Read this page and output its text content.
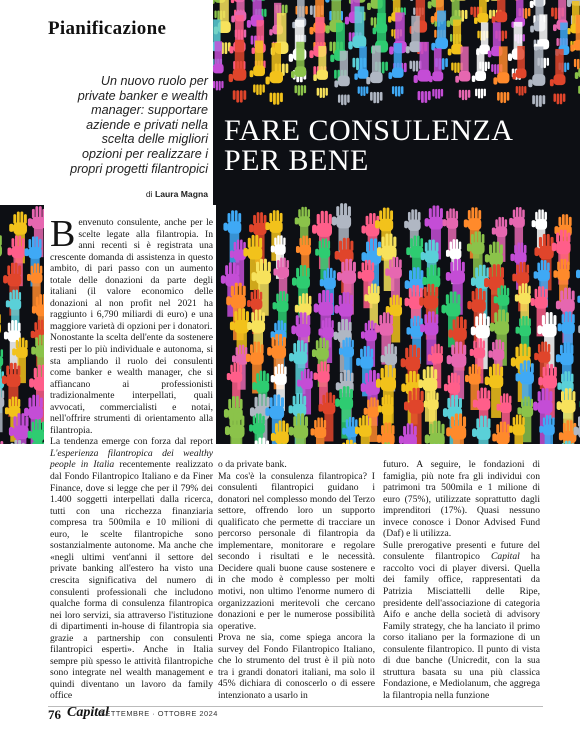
Pianificazione
Un nuovo ruolo per private banker e wealth manager: supportare aziende e privati nella scelta delle migliori opzioni per realizzare i propri progetti filantropici
di Laura Magna
FARE CONSULENZA
PER BENE

Benvenuto consulente, anche per le scelte legate alla filantropia. In anni recenti si è registrata una crescente domanda di assistenza in questo ambito, di pari passo con un aumento totale delle donazioni da parte degli italiani (il valore economico delle donazioni al non profit nel 2021 ha raggiunto i 6,790 miliardi di euro) e una maggiore varietà di opzioni per i donatori.

Nonostante la scelta dell'ente da sostenere resti per lo più individuale e autonoma, si sta ampliando il ruolo dei consulenti come banker e wealth manager, che si affiancano ai professionisti tradizionalmente interpellati, quali avvocati, commercialisti e notai, nell'offrire strumenti di orientamento alla filantropia.

La tendenza emerge con forza dal report L'esperienza filantropica dei wealthy people in Italia recentemente realizzato dal Fondo Filantropico Italiano e da Finer Finance, dove si legge che per il 79% dei 1.400 soggetti interpellati dalla ricerca, tutti con una ricchezza finanziaria compresa tra 500mila e 10 milioni di euro, le scelte filantropiche sono sostanzialmente autonome. Ma anche che «negli ultimi vent'anni il settore del private banking all'estero ha visto una crescita significativa del numero di consulenti professionali che includono qualche forma di consulenza filantropica nei loro servizi, sia attraverso l'istituzione di dipartimenti in-house di filantropia sia grazie a partnership con consulenti filantropici esperti». Anche in Italia sempre più spesso le attività filantropiche sono integrate nel wealth management e quindi diventano un lavoro da family office

o da private bank.

Ma cos'è la consulenza filantropica? I consulenti filantropici guidano i donatori nel complesso mondo del Terzo settore, offrendo loro un supporto qualificato che permette di tracciare un percorso personale di filantropia da implementare, monitorare e regolare secondo i risultati e le necessità. Decidere quali buone cause sostenere e in che modo è complesso per molti motivi, non ultimo l'enorme numero di organizzazioni meritevoli che cercano donazioni e per le numerose possibilità operative.

Prova ne sia, come spiega ancora la survey del Fondo Filantropico Italiano, che lo strumento del trust è il più noto tra i grandi donatori italiani, ma solo il 45% dichiara di conoscerlo o di essere intenzionato a usarlo in

futuro. A seguire, le fondazioni di famiglia, più note fra gli individui con patrimoni tra 500mila e 1 milione di euro (75%), utilizzate soprattutto dagli imprenditori (17%). Quasi nessuno invece conosce i Donor Advised Fund (Daf) e li utilizza.

Sulle prerogative presenti e future del consulente filantropico Capital ha raccolto voci di player diversi. Quella dei family office, rappresentati da Patrizia Misciattelli delle Ripe, presidente dell'associazione di categoria Aifo e anche della società di advisory Family strategy, che ha lanciato il primo corso italiano per la formazione di un consulente filantropico. Il punto di vista di due banche (Unicredit, con la sua struttura basata su una più classica Fondazione, e Mediolanum, che aggrega la filantropia nella funzione

76 Capital
SETTEMBRE · OTTOBRE 2024
